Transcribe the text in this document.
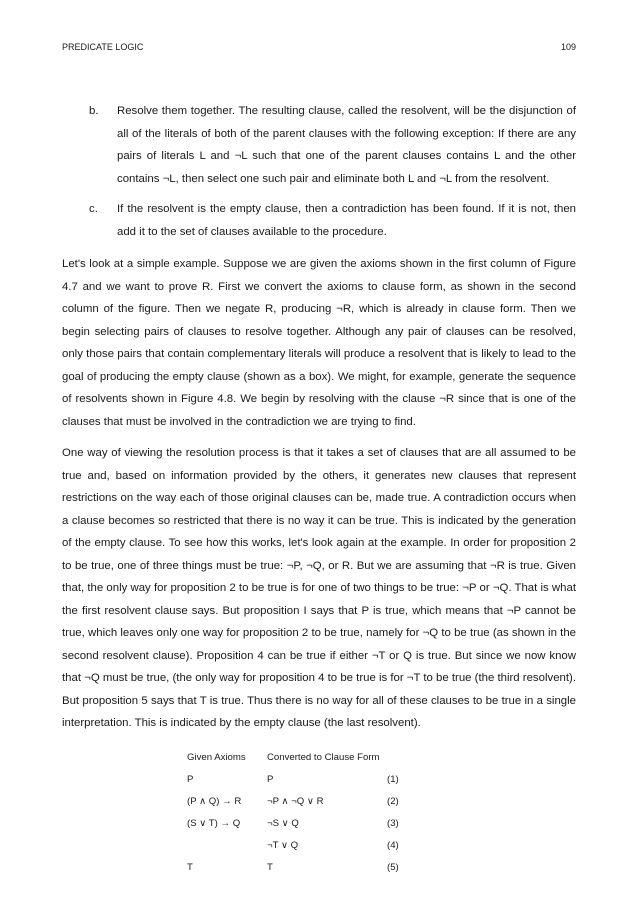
PREDICATE LOGIC	109
b. Resolve them together. The resulting clause, called the resolvent, will be the disjunction of all of the literals of both of the parent clauses with the following exception: If there are any pairs of literals L and ¬L such that one of the parent clauses contains L and the other contains ¬L, then select one such pair and eliminate both L and ¬L from the resolvent.
c. If the resolvent is the empty clause, then a contradiction has been found. If it is not, then add it to the set of clauses available to the procedure.

Let's look at a simple example. Suppose we are given the axioms shown in the first column of Figure 4.7 and we want to prove R. First we convert the axioms to clause form, as shown in the second column of the figure. Then we negate R, producing ¬R, which is already in clause form. Then we begin selecting pairs of clauses to resolve together. Although any pair of clauses can be resolved, only those pairs that contain complementary literals will produce a resolvent that is likely to lead to the goal of producing the empty clause (shown as a box). We might, for example, generate the sequence of resolvents shown in Figure 4.8. We begin by resolving with the clause ¬R since that is one of the clauses that must be involved in the contradiction we are trying to find.

One way of viewing the resolution process is that it takes a set of clauses that are all assumed to be true and, based on information provided by the others, it generates new clauses that represent restrictions on the way each of those original clauses can be, made true. A contradiction occurs when a clause becomes so restricted that there is no way it can be true. This is indicated by the generation of the empty clause. To see how this works, let's look again at the example. In order for proposition 2 to be true, one of three things must be true: ¬P, ¬Q, or R. But we are assuming that ¬R is true. Given that, the only way for proposition 2 to be true is for one of two things to be true: ¬P or ¬Q. That is what the first resolvent clause says. But proposition I says that P is true, which means that ¬P cannot be true, which leaves only one way for proposition 2 to be true, namely for ¬Q to be true (as shown in the second resolvent clause). Proposition 4 can be true if either ¬T or Q is true. But since we now know that ¬Q must be true, (the only way for proposition 4 to be true is for ¬T to be true (the third resolvent). But proposition 5 says that T is true. Thus there is no way for all of these clauses to be true in a single interpretation. This is indicated by the empty clause (the last resolvent).

Given Axioms	Converted to Clause Form	
P	P	(1)
(P ∧ Q) → R	¬P ∧ ¬Q ∨ R	(2)
(S ∨ T) → Q	¬S ∨ Q	(3)
	¬T ∨ Q	(4)
T	T	(5)
